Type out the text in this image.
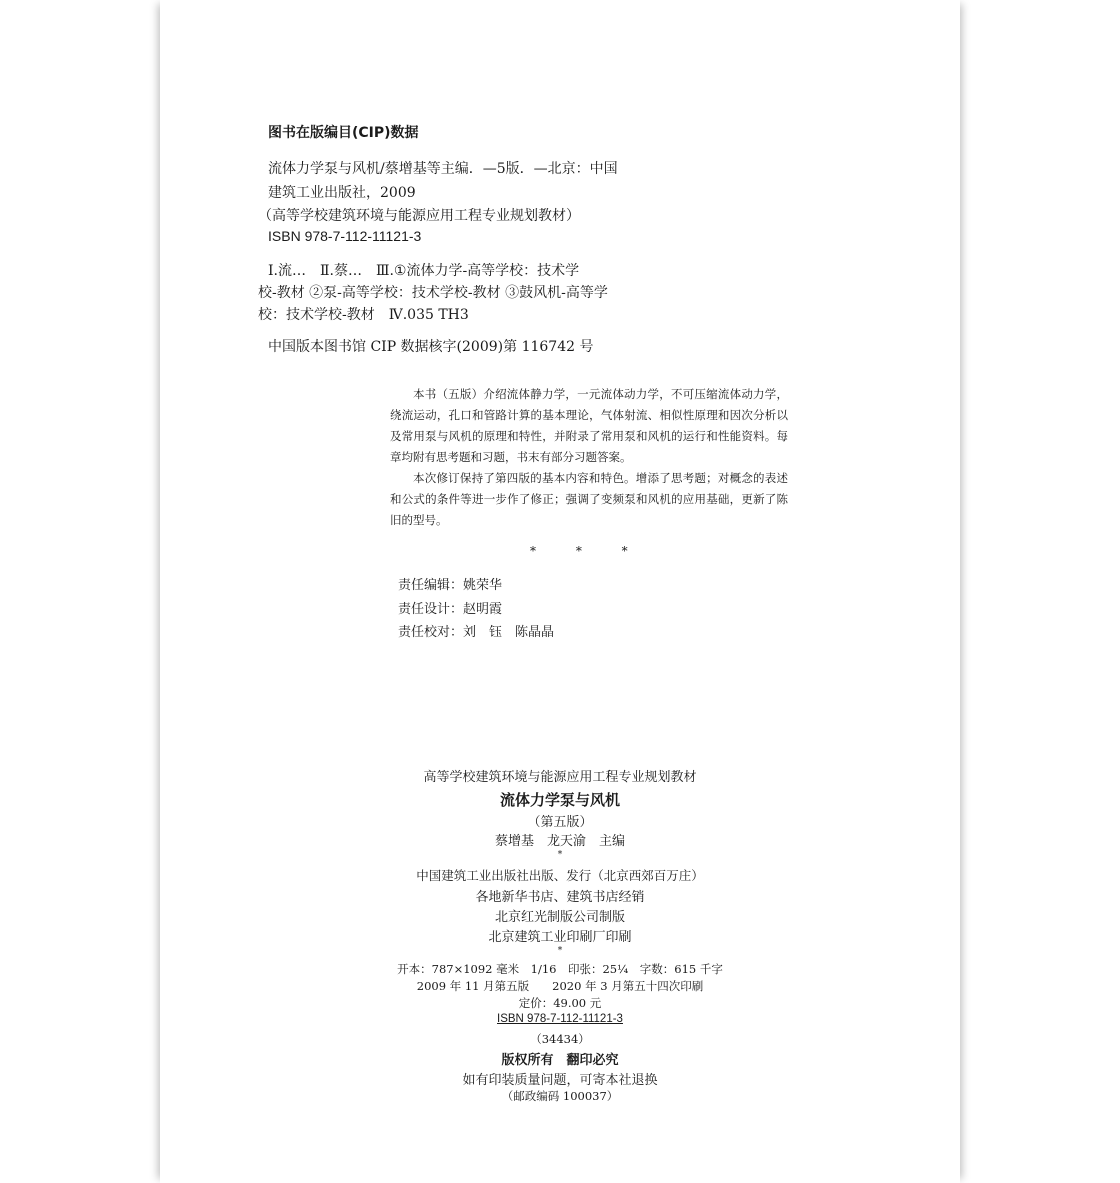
图书在版编目(CIP)数据
流体力学泵与风机/蔡增基等主编．—5版．—北京：中国
建筑工业出版社，2009
（高等学校建筑环境与能源应用工程专业规划教材）
ISBN 978-7-112-11121-3
Ⅰ.流…　Ⅱ.蔡…　Ⅲ.①流体力学-高等学校：技术学
校-教材 ②泵-高等学校：技术学校-教材 ③鼓风机-高等学
校：技术学校-教材　Ⅳ.035 TH3
中国版本图书馆 CIP 数据核字(2009)第 116742 号

本书（五版）介绍流体静力学，一元流体动力学，不可压缩流体动力学，绕流运动，孔口和管路计算的基本理论，气体射流、相似性原理和因次分析以及常用泵与风机的原理和特性，并附录了常用泵和风机的运行和性能资料。每章均附有思考题和习题，书末有部分习题答案。

本次修订保持了第四版的基本内容和特色。增添了思考题；对概念的表述和公式的条件等进一步作了修正；强调了变频泵和风机的应用基础，更新了陈旧的型号。

*	*	*
责任编辑：姚荣华
责任设计：赵明霞
责任校对：刘　钰　陈晶晶
高等学校建筑环境与能源应用工程专业规划教材
流体力学泵与风机
（第五版）
蔡增基　龙天渝　主编
*
中国建筑工业出版社出版、发行（北京西郊百万庄）
各地新华书店、建筑书店经销
北京红光制版公司制版
北京建筑工业印刷厂印刷
*
开本：787×1092 毫米　1/16　印张：25¼　字数：615 千字
2009 年 11 月第五版　　2020 年 3 月第五十四次印刷
定价：49.00 元
ISBN 978-7-112-11121-3
（34434）
版权所有　翻印必究
如有印装质量问题，可寄本社退换
（邮政编码 100037）
